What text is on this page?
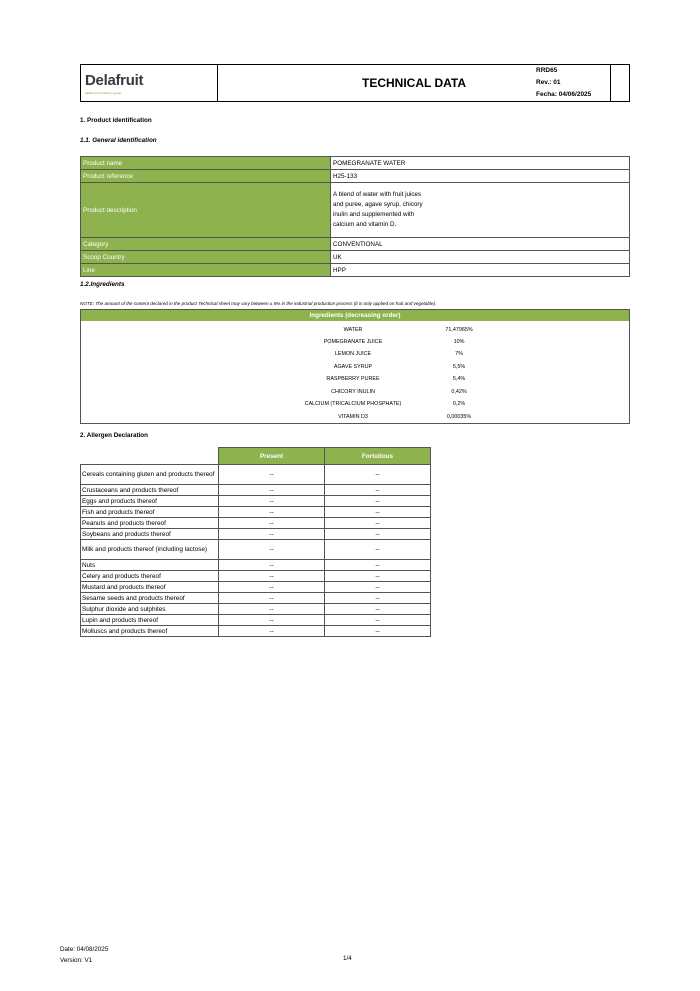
Delafruit
delafruit fruit industry group
TECHNICAL DATA
RRD65
Rev.: 01
Fecha: 04/06/2025
1. Product identification
1.1. General identification
Product name	POMEGRANATE WATER
Product reference	H25-133
Product description	A blend of water with fruit juices and puree, agave syrup, chicory inulin and supplemented with calcium and vitamin D.

Category	CONVENTIONAL
Scoop Country	UK
Line	HPP
1.2.Ingredients
NOTE: The amount of the content declared in the product Technical sheet may vary between ± 5% in the industrial production process (it is only applied on fruit and vegetable).
Ingredients (decreasing order)
WATER	71,47965%
POMEGRANATE JUICE	10%
LEMON JUICE	7%
AGAVE SYRUP	5,5%
RASPBERRY PUREE	5,4%
CHICORY INULIN	0,42%
CALCIUM (TRICALCIUM PHOSPHATE)	0,2%
VITAMIN D3	0,00035%
2. Allergen Declaration
	Present	Fortuitous
Cereals containing gluten and products thereof	--	--
Crustaceans and products thereof	--	--
Eggs and products thereof	--	--
Fish and products thereof	--	--
Peanuts and products thereof	--	--
Soybeans and products thereof	--	--
Milk and products thereof (including lactose)	--	--
Nuts	--	--
Celery and products thereof	--	--
Mustard and products thereof	--	--
Sesame seeds and products thereof	--	--
Sulphur dioxide and sulphites	--	--
Lupin and products thereof	--	--
Molluscs and products thereof	--	--
Date: 04/08/2025
Version: V1	1/4
